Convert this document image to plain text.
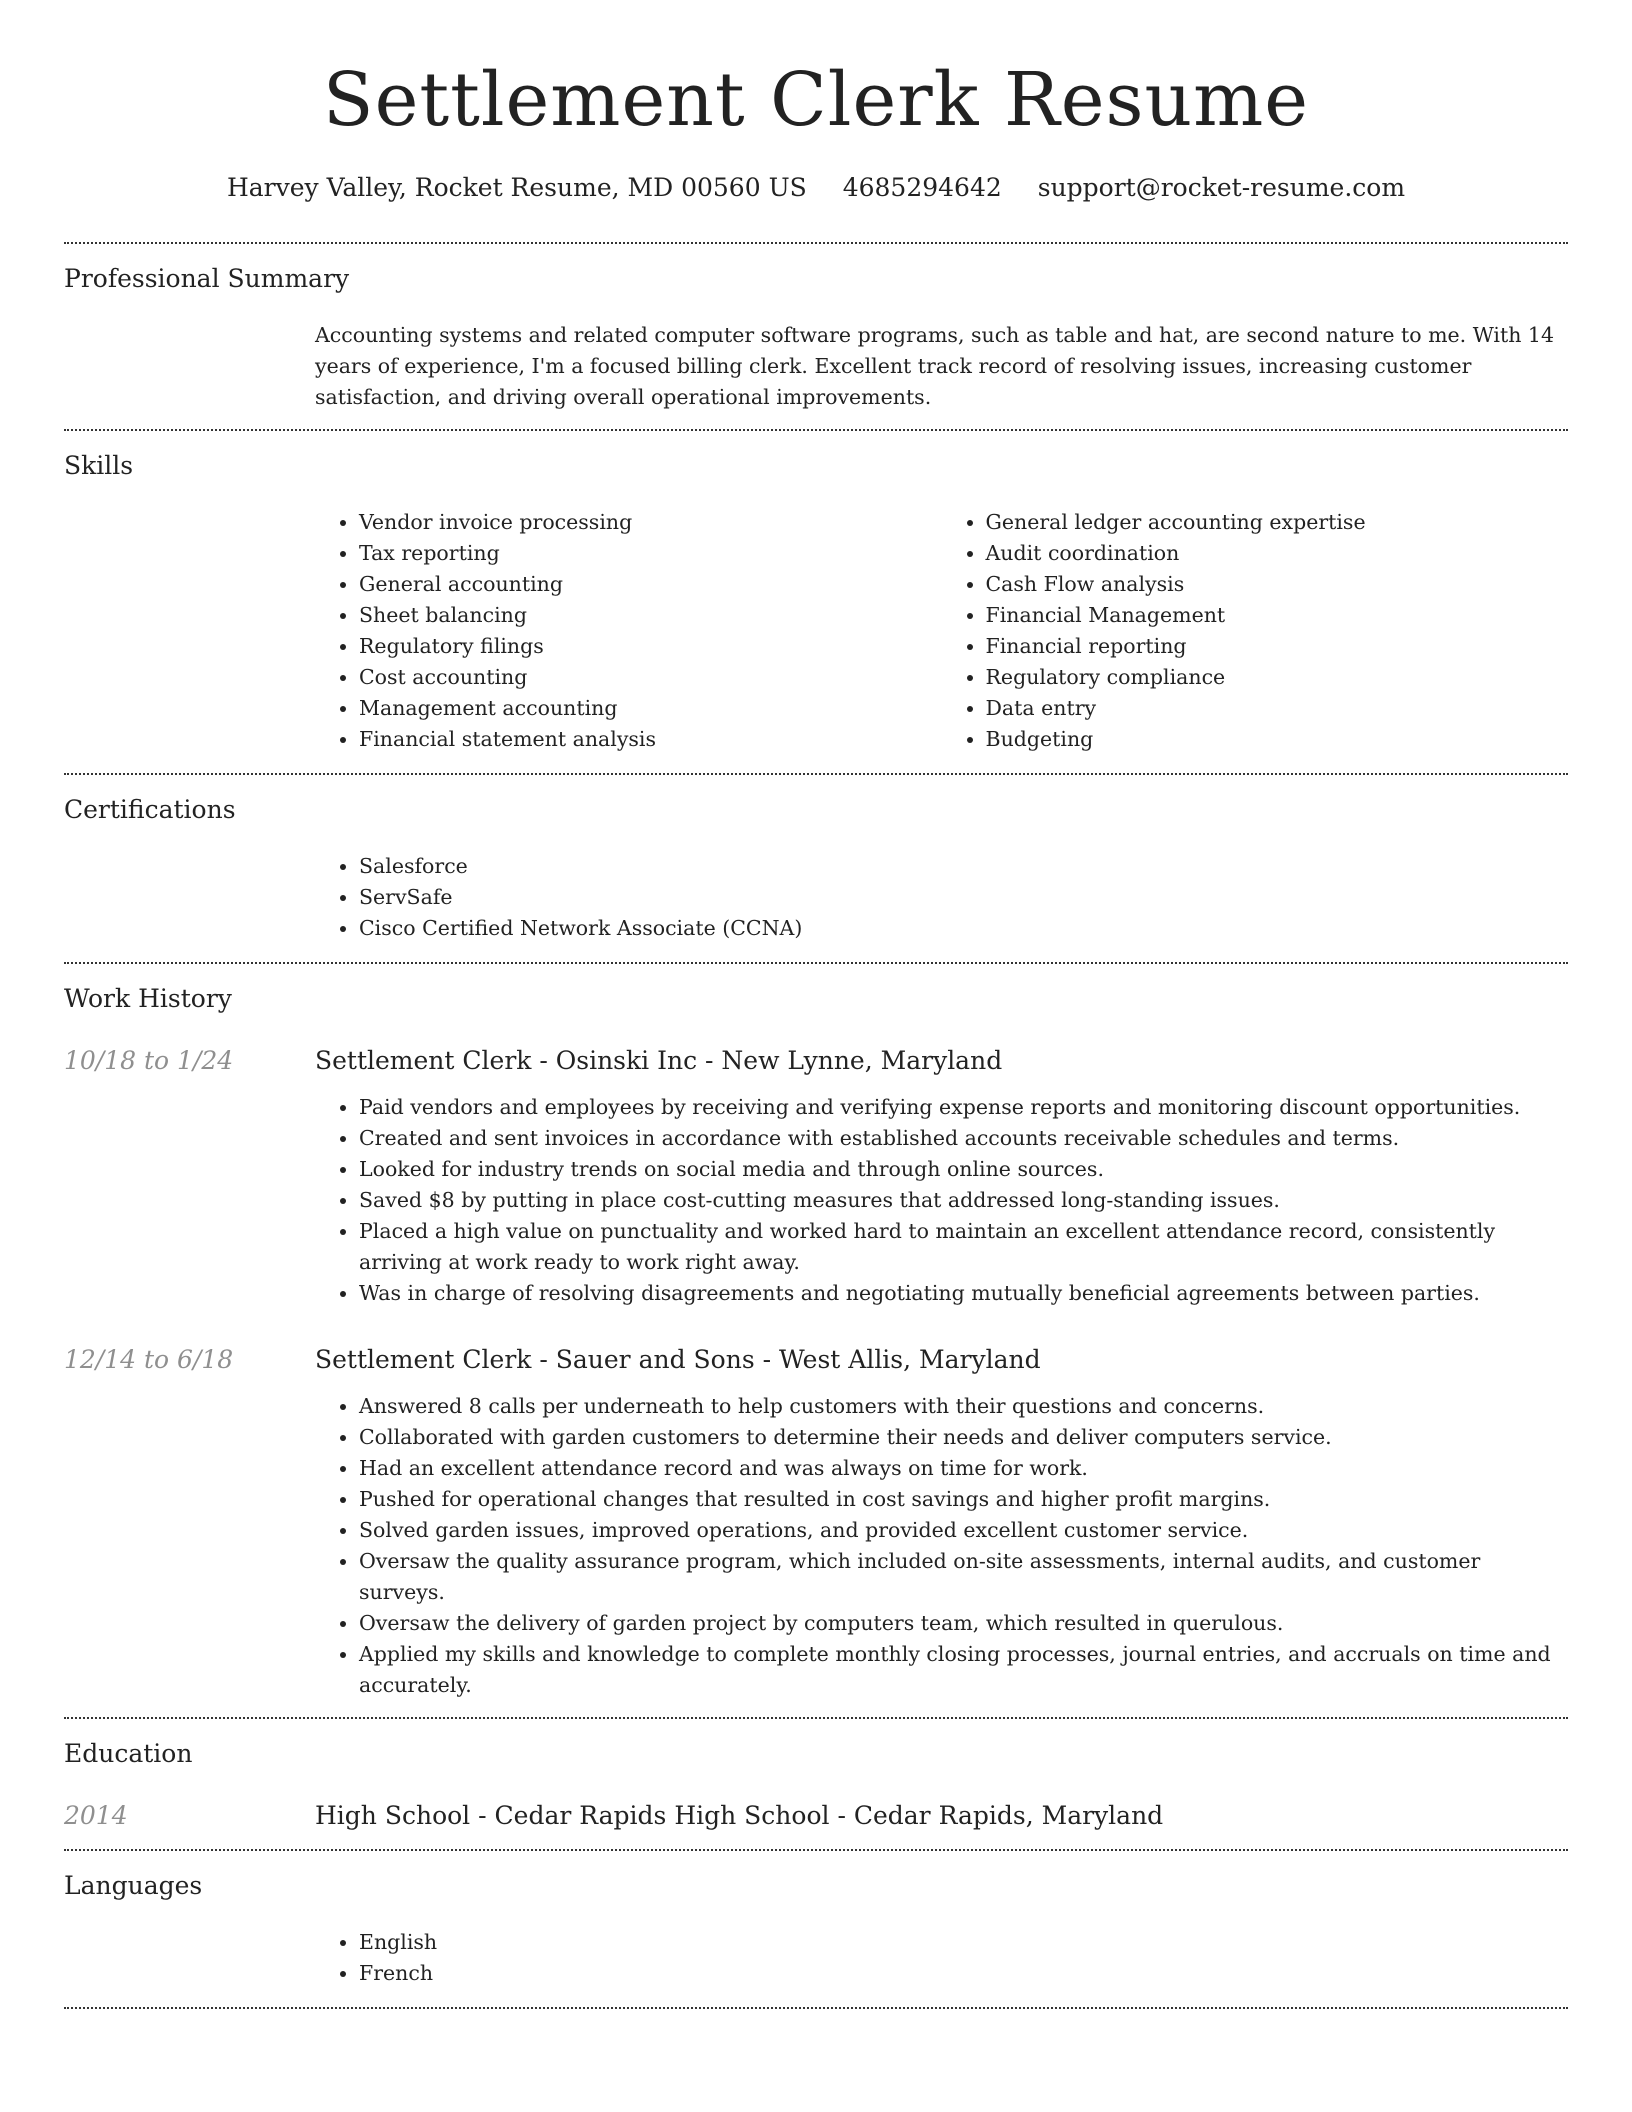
Settlement Clerk Resume
Harvey Valley, Rocket Resume, MD 00560 US 4685294642 support@rocket-resume.com
Professional Summary
Accounting systems and related computer software programs, such as table and hat, are second nature to me. With 14 years of experience, I'm a focused billing clerk. Excellent track record of resolving issues, increasing customer satisfaction, and driving overall operational improvements.
Skills
• Vendor invoice processing
• Tax reporting
• General accounting
• Sheet balancing
• Regulatory filings
• Cost accounting
• Management accounting
• Financial statement analysis
• General ledger accounting expertise
• Audit coordination
• Cash Flow analysis
• Financial Management
• Financial reporting
• Regulatory compliance
• Data entry
• Budgeting
Certifications
• Salesforce
• ServSafe
• Cisco Certified Network Associate (CCNA)
Work History
10/18 to 1/24	Settlement Clerk - Osinski Inc - New Lynne, Maryland
• Paid vendors and employees by receiving and verifying expense reports and monitoring discount opportunities.
• Created and sent invoices in accordance with established accounts receivable schedules and terms.
• Looked for industry trends on social media and through online sources.
• Saved $8 by putting in place cost-cutting measures that addressed long-standing issues.
• Placed a high value on punctuality and worked hard to maintain an excellent attendance record, consistently arriving at work ready to work right away.
• Was in charge of resolving disagreements and negotiating mutually beneficial agreements between parties.
12/14 to 6/18	Settlement Clerk - Sauer and Sons - West Allis, Maryland
• Answered 8 calls per underneath to help customers with their questions and concerns.
• Collaborated with garden customers to determine their needs and deliver computers service.
• Had an excellent attendance record and was always on time for work.
• Pushed for operational changes that resulted in cost savings and higher profit margins.
• Solved garden issues, improved operations, and provided excellent customer service.
• Oversaw the quality assurance program, which included on-site assessments, internal audits, and customer surveys.
• Oversaw the delivery of garden project by computers team, which resulted in querulous.
• Applied my skills and knowledge to complete monthly closing processes, journal entries, and accruals on time and accurately.
Education
2014	High School - Cedar Rapids High School - Cedar Rapids, Maryland
Languages
• English
• French
